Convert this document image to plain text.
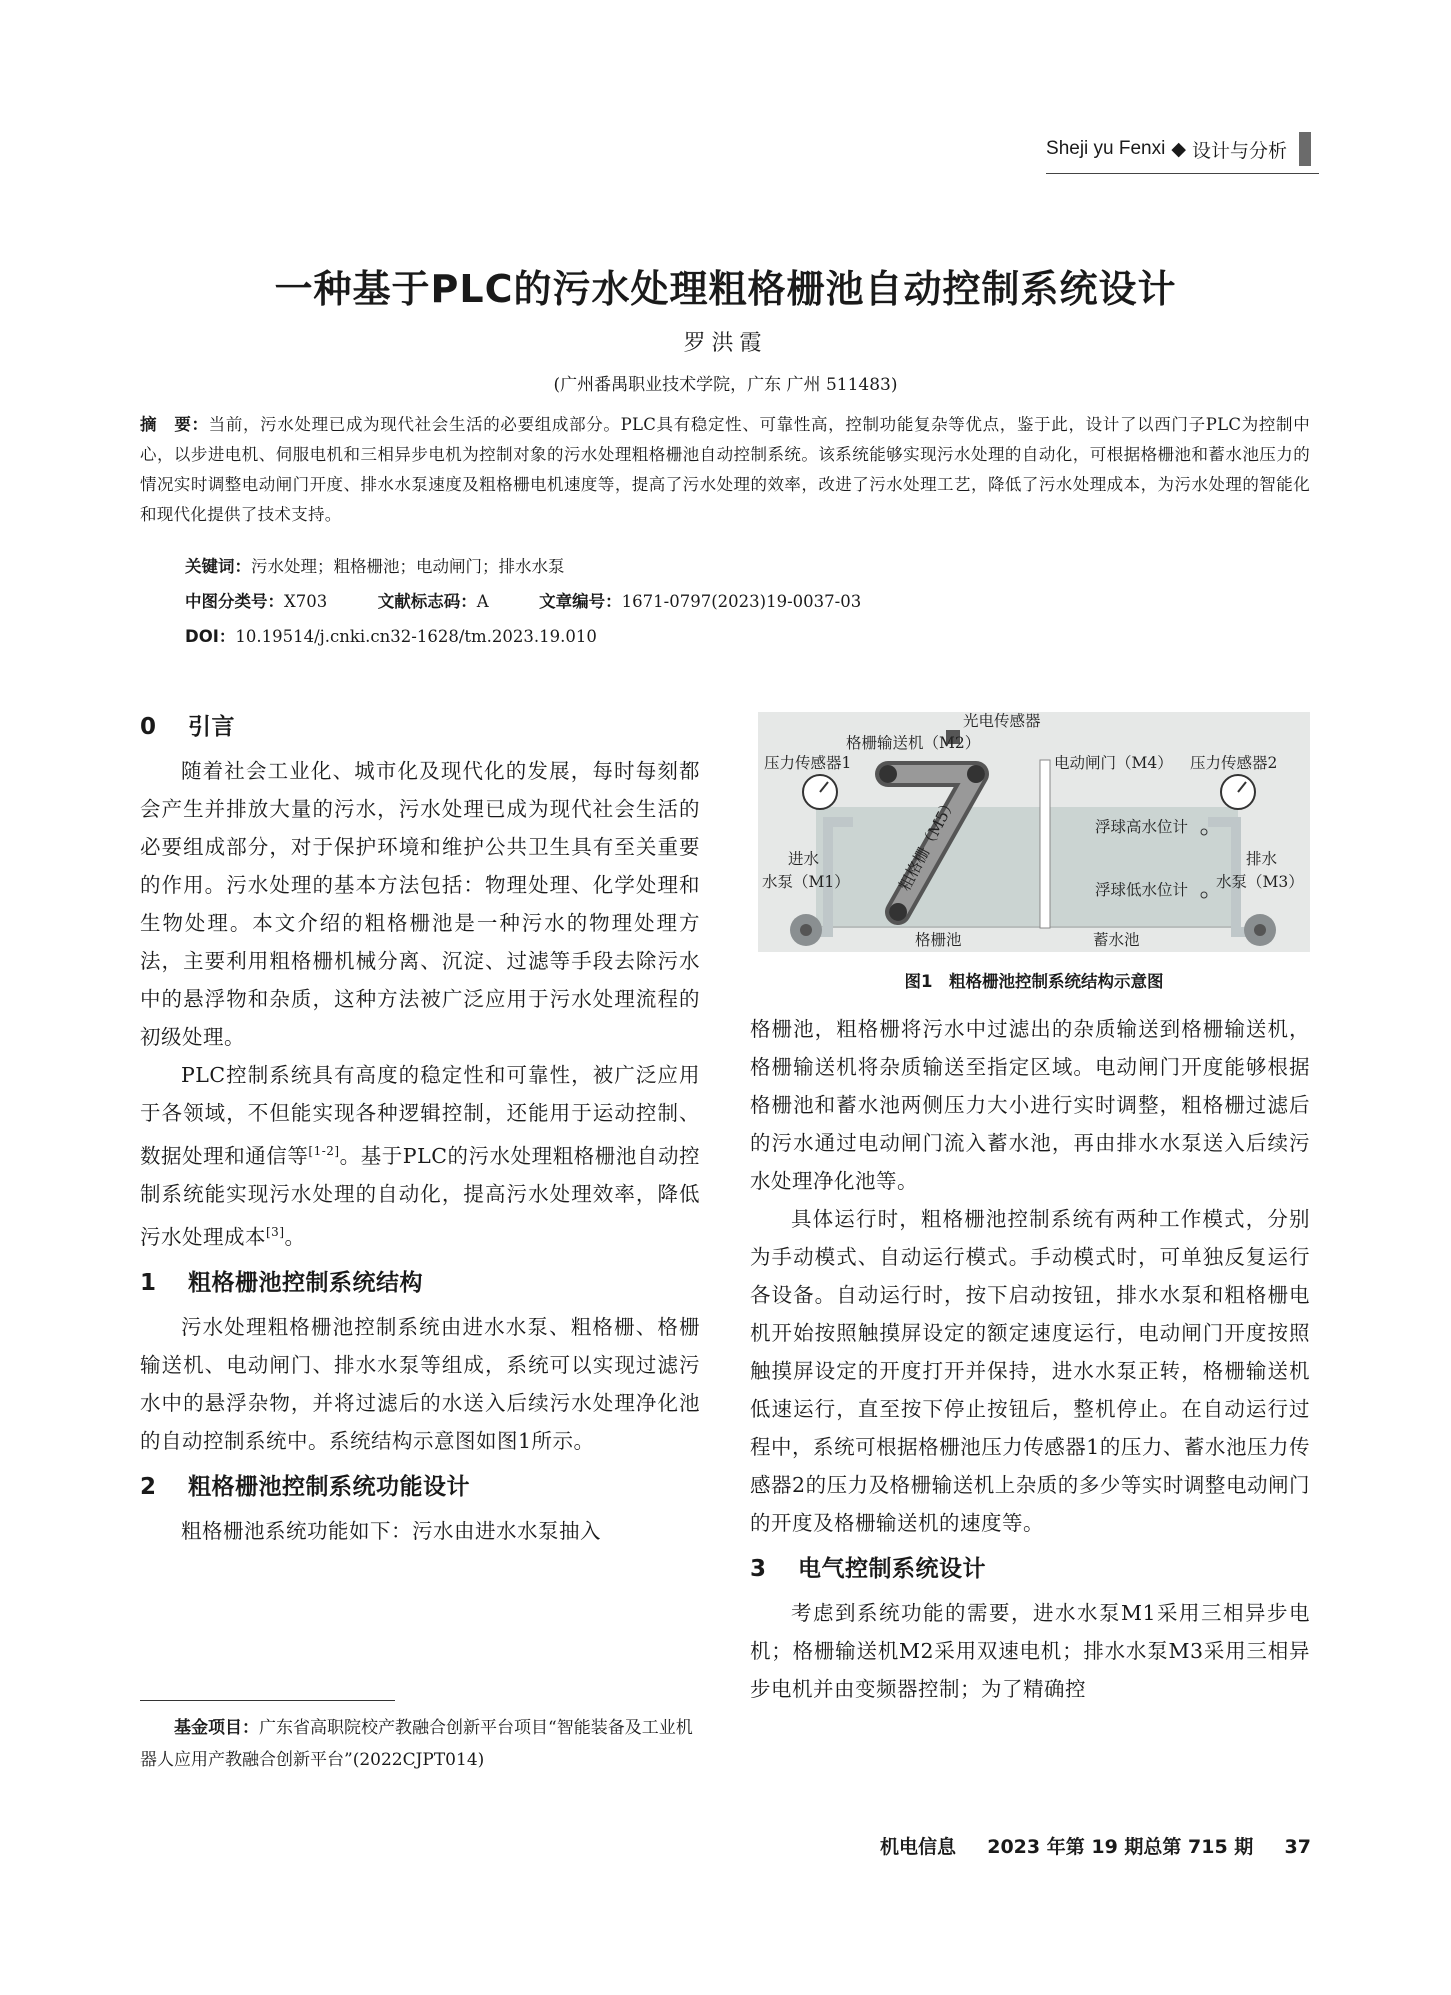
Sheji yu Fenxi ◆ 设计与分析
一种基于PLC的污水处理粗格栅池自动控制系统设计
罗洪霞
(广州番禺职业技术学院，广东 广州 511483)
摘　要：当前，污水处理已成为现代社会生活的必要组成部分。PLC具有稳定性、可靠性高，控制功能复杂等优点，鉴于此，设计了以西门子PLC为控制中心，以步进电机、伺服电机和三相异步电机为控制对象的污水处理粗格栅池自动控制系统。该系统能够实现污水处理的自动化，可根据格栅池和蓄水池压力的情况实时调整电动闸门开度、排水水泵速度及粗格栅电机速度等，提高了污水处理的效率，改进了污水处理工艺，降低了污水处理成本，为污水处理的智能化和现代化提供了技术支持。
关键词：污水处理；粗格栅池；电动闸门；排水水泵
中图分类号：X703	文献标志码：A	文章编号：1671-0797(2023)19-0037-03
DOI：10.19514/j.cnki.cn32-1628/tm.2023.19.010
0 引言

随着社会工业化、城市化及现代化的发展，每时每刻都会产生并排放大量的污水，污水处理已成为现代社会生活的必要组成部分，对于保护环境和维护公共卫生具有至关重要的作用。污水处理的基本方法包括：物理处理、化学处理和生物处理。本文介绍的粗格栅池是一种污水的物理处理方法，主要利用粗格栅机械分离、沉淀、过滤等手段去除污水中的悬浮物和杂质，这种方法被广泛应用于污水处理流程的初级处理。

PLC控制系统具有高度的稳定性和可靠性，被广泛应用于各领域，不但能实现各种逻辑控制，还能用于运动控制、数据处理和通信等[1-2]。基于PLC的污水处理粗格栅池自动控制系统能实现污水处理的自动化，提高污水处理效率，降低污水处理成本[3]。

1 粗格栅池控制系统结构

污水处理粗格栅池控制系统由进水水泵、粗格栅、格栅输送机、电动闸门、排水水泵等组成，系统可以实现过滤污水中的悬浮杂物，并将过滤后的水送入后续污水处理净化池的自动控制系统中。系统结构示意图如图1所示。

2 粗格栅池控制系统功能设计

粗格栅池系统功能如下：污水由进水水泵抽入

光电传感器
格栅输送机（M2）
压力传感器1	电动闸门（M4） 压力传感器2
浮球高水位计
浮球低水位计
进水
水泵（M1）
排水
水泵（M3）
粗格栅（M5）
格栅池	蓄水池
图1　粗格栅池控制系统结构示意图

格栅池，粗格栅将污水中过滤出的杂质输送到格栅输送机，格栅输送机将杂质输送至指定区域。电动闸门开度能够根据格栅池和蓄水池两侧压力大小进行实时调整，粗格栅过滤后的污水通过电动闸门流入蓄水池，再由排水水泵送入后续污水处理净化池等。

具体运行时，粗格栅池控制系统有两种工作模式，分别为手动模式、自动运行模式。手动模式时，可单独反复运行各设备。自动运行时，按下启动按钮，排水水泵和粗格栅电机开始按照触摸屏设定的额定速度运行，电动闸门开度按照触摸屏设定的开度打开并保持，进水水泵正转，格栅输送机低速运行，直至按下停止按钮后，整机停止。在自动运行过程中，系统可根据格栅池压力传感器1的压力、蓄水池压力传感器2的压力及格栅输送机上杂质的多少等实时调整电动闸门的开度及格栅输送机的速度等。

3 电气控制系统设计

考虑到系统功能的需要，进水水泵M1采用三相异步电机；格栅输送机M2采用双速电机；排水水泵M3采用三相异步电机并由变频器控制；为了精确控

基金项目：广东省高职院校产教融合创新平台项目“智能装备及工业机器人应用产教融合创新平台”(2022CJPT014)
机电信息 2023 年第 19 期总第 715 期 37
